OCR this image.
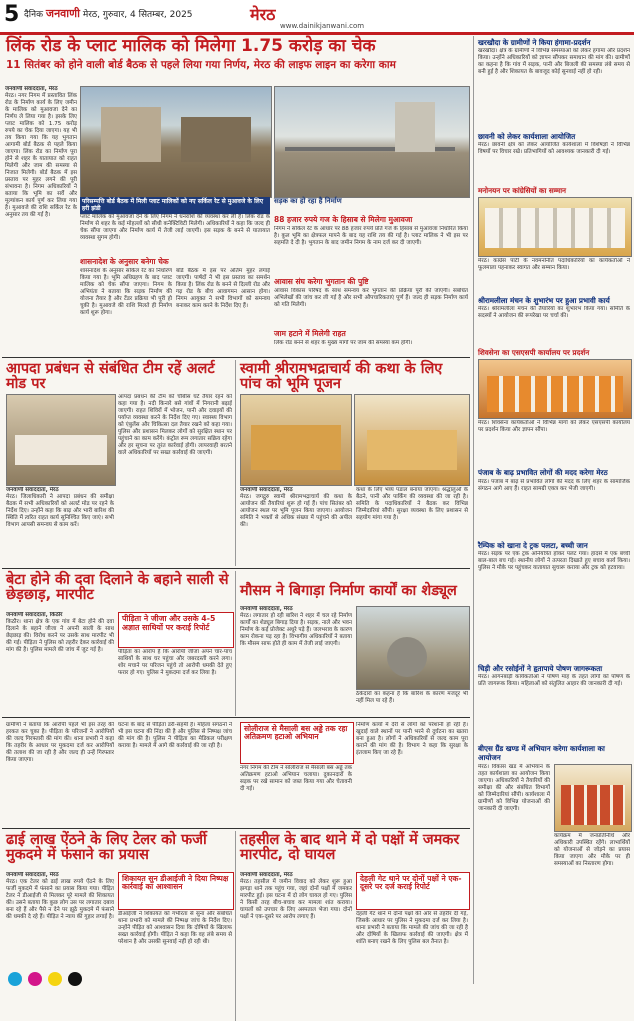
5 दैनिक जनवाणी मेरठ, गुरुवार, 4 सितम्बर, 2025	मेरठ
www.dainikjanwani.com
लिंक रोड के प्लाट मालिक को मिलेगा 1.75 करोड़ का चेक
11 सितंबर को होने वाली बोर्ड बैठक से पहले लिया गया निर्णय, मेरठ की लाइफ लाइन का करेगा काम
जनवाणी संवाददाता, मेरठ
मेरठ। नगर निगम में प्रस्तावित लिंक रोड के निर्माण कार्य के लिए जमीन के मालिक को मुआवजा देने का निर्णय ले लिया गया है। इसके लिए प्लाट मालिक को 1.75 करोड़ रुपये का चेक दिया जाएगा। यह भी तय किया गया कि यह भुगतान आगामी बोर्ड बैठक से पहले किया जाएगा। लिंक रोड का निर्माण पूरा होने से शहर के यातायात को राहत मिलेगी और जाम की समस्या से निजात मिलेगी। बोर्ड बैठक में इस प्रस्ताव पर मुहर लगने की पूरी संभावना है। निगम अधिकारियों ने बताया कि भूमि का सर्वे और मूल्यांकन कार्य पूर्ण कर लिया गया है। मुआवजे की राशि सर्किल रेट के अनुसार तय की गई है।
परिसम्पत्ति बोर्ड बैठक में मिली प्लाट मालिकों को नए सर्किल रेट से मुआवजे के लिए हरी झंडी
सड़क का हो रहा है निर्माण
प्लाट मालिक को मुआवजा देने के लिए निगम ने धनराशि की व्यवस्था कर ली है। लिंक रोड के निर्माण से शहर के कई मोहल्लों को सीधी कनेक्टिविटी मिलेगी। अधिकारियों ने कहा कि जल्द ही चेक सौंपा जाएगा और निर्माण कार्य में तेजी लाई जाएगी। इस सड़क के बनने से यातायात व्यवस्था सुगम होगी।
शासनादेश के अनुसार बनेगा चेक
शासनादेश के अनुसार सर्किल रेट का निर्धारण किया गया है। भूमि अधिग्रहण के बाद प्लाट मालिक को चेक सौंपा जाएगा। निगम के अभियंता ने बताया कि सड़क निर्माण की योजना तैयार है और टेंडर प्रक्रिया भी पूरी हो चुकी है। मुआवजे की राशि मिलते ही निर्माण कार्य शुरू होगा।
बोर्ड बैठक में इस पर अंतिम मुहर लगाई जाएगी। पार्षदों ने भी इस प्रस्ताव का समर्थन किया है। लिंक रोड के बनने से दिल्ली रोड और गढ़ रोड के बीच आवागमन आसान होगा। निगम आयुक्त ने सभी विभागों को समन्वय बनाकर काम करने के निर्देश दिए हैं।
88 हजार रुपये गज के हिसाब से मिलेगा मुआवजा
निगम ने सर्किल रेट के आधार पर 88 हजार रुपये प्रति गज के हिसाब से मुआवजा निर्धारित किया है। कुल भूमि का क्षेत्रफल मापने के बाद यह राशि तय की गई है। प्लाट मालिक ने भी इस पर सहमति दे दी है। भुगतान के बाद जमीन निगम के नाम दर्ज कर दी जाएगी।
आवास संघ करेगा भुगतान की पुष्टि
आवास विकास परिषद के साथ समन्वय कर भुगतान की प्रक्रिया पूरी की जाएगी। संबंधित अभिलेखों की जांच कर ली गई है और सभी औपचारिकताएं पूर्ण हैं। जल्द ही सड़क निर्माण कार्य को गति मिलेगी।
जाम हटाने में मिलेगी राहत
लिंक रोड बनने से शहर के मुख्य मार्गों पर जाम की समस्या कम होगी।
आपदा प्रबंधन से संबंधित टीम रहें अलर्ट मोड पर
जनवाणी संवाददाता, मेरठ
मेरठ। जिलाधिकारी ने आपदा प्रबंधन की समीक्षा बैठक में सभी अधिकारियों को अलर्ट मोड पर रहने के निर्देश दिए। उन्होंने कहा कि बाढ़ और भारी बारिश की स्थिति में त्वरित राहत कार्य सुनिश्चित किए जाएं। सभी विभाग आपसी समन्वय से काम करें।
आपदा प्रबंधन की टीम को चौबीस घंटे तैयार रहने को कहा गया है। नदी किनारे बसे गांवों में निगरानी बढ़ाई जाएगी। राहत शिविरों में भोजन, पानी और दवाइयों की पर्याप्त व्यवस्था करने के निर्देश दिए गए। स्वास्थ्य विभाग को एंबुलेंस और चिकित्सा दल तैयार रखने को कहा गया। पुलिस और प्रशासन मिलकर लोगों को सुरक्षित स्थान पर पहुंचाने का काम करेंगे। कंट्रोल रूम लगातार सक्रिय रहेगा और हर सूचना पर तुरंत कार्रवाई होगी। लापरवाही बरतने वाले अधिकारियों पर सख्त कार्रवाई की जाएगी।
स्वामी श्रीरामभद्राचार्य की कथा के लिए पांच को भूमि पूजन
जनवाणी संवाददाता, मेरठ
मेरठ। जगद्गुरु स्वामी श्रीरामभद्राचार्य की कथा के आयोजन की तैयारियां शुरू हो गई हैं। पांच सितंबर को आयोजन स्थल पर भूमि पूजन किया जाएगा। आयोजन समिति ने भक्तों से अधिक संख्या में पहुंचने की अपील की।
कथा के लिए भव्य पंडाल बनाया जाएगा। श्रद्धालुओं के बैठने, पानी और पार्किंग की व्यवस्था की जा रही है। समिति के पदाधिकारियों ने बैठक कर विभिन्न जिम्मेदारियां सौंपी। सुरक्षा व्यवस्था के लिए प्रशासन से सहयोग मांगा गया है।
बेटा होने की दवा दिलाने के बहाने साली से छेड़छाड़, मारपीट
जनवाणी संवाददाता, किठौर
किठौर। थाना क्षेत्र के एक गांव में बेटा होने की दवा दिलाने के बहाने जीजा ने अपनी साली के साथ छेड़छाड़ की। विरोध करने पर उसके साथ मारपीट भी की गई। पीड़िता ने पुलिस को तहरीर देकर कार्रवाई की मांग की है। पुलिस मामले की जांच में जुट गई है।
पीड़िता ने जीजा और उसके 4-5 अज्ञात साथियों पर कराई रिपोर्ट
पीड़िता का आरोप है कि आरोपी जीजा अपने चार-पांच साथियों के साथ घर पहुंचा और जबरदस्ती करने लगा। शोर मचाने पर परिजन पहुंचे तो आरोपी धमकी देते हुए फरार हो गए। पुलिस ने मुकदमा दर्ज कर लिया है।
मौसम ने बिगाड़ा निर्माण कार्यों का शेड्यूल
जनवाणी संवाददाता, मेरठ
मेरठ। लगातार हो रही बारिश ने शहर में चल रहे निर्माण कार्यों का शेड्यूल बिगाड़ दिया है। सड़क, नाले और भवन निर्माण के कई प्रोजेक्ट अधूरे पड़े हैं। जलभराव के कारण काम रोकना पड़ रहा है। विभागीय अधिकारियों ने बताया कि मौसम साफ होते ही काम में तेजी लाई जाएगी।
ठेकेदारों का कहना है कि बारिश के कारण मजदूर भी नहीं मिल पा रहे हैं।
ग्रामीणों ने बताया कि आरोपी पहले भी इस तरह की हरकत कर चुका है। पीड़िता के परिजनों ने आरोपियों की जल्द गिरफ्तारी की मांग की। थाना प्रभारी ने कहा कि तहरीर के आधार पर मुकदमा दर्ज कर आरोपियों की तलाश की जा रही है और जल्द ही उन्हें गिरफ्तार किया जाएगा।
घटना के बाद से पीड़िता डरी-सहमी है। महिला संगठनों ने भी इस घटना की निंदा की है और पुलिस से निष्पक्ष जांच की मांग की है। पुलिस ने पीड़िता का मेडिकल परीक्षण कराया है। मामले में आगे की कार्रवाई की जा रही है।
सोलीराज से मैसाली बस अड्डे तक रहा अतिक्रमण हटाओ अभियान
नगर निगम की टीम ने सोलीराज से मैसाली बस अड्डे तक अतिक्रमण हटाओ अभियान चलाया। दुकानदारों के सड़क पर रखे सामान को जब्त किया गया और चेतावनी दी गई।
निर्माण कार्यों में देरी से लोगों को परेशानी हो रही है। खुदाई वाले स्थानों पर पानी भरने से दुर्घटना का खतरा बना हुआ है। लोगों ने अधिकारियों से जल्द काम पूरा कराने की मांग की है। विभाग ने कहा कि सुरक्षा के इंतजाम किए जा रहे हैं।
ढाई लाख ऐंठने के लिए टेलर को फर्जी मुकदमे में फंसाने का प्रयास
जनवाणी संवाददाता, मेरठ
मेरठ। एक टेलर को ढाई लाख रुपये ऐंठने के लिए फर्जी मुकदमे में फंसाने का प्रयास किया गया। पीड़ित टेलर ने डीआईजी से मिलकर पूरे मामले की शिकायत की। उसने बताया कि कुछ लोग उस पर लगातार दबाव बना रहे हैं और पैसे न देने पर झूठे मुकदमे में फंसाने की धमकी दे रहे हैं। पीड़ित ने न्याय की गुहार लगाई है।
शिकायत सुन डीआईजी ने दिया निष्पक्ष कार्रवाई का आश्वासन
डीआईजी ने शिकायत को गंभीरता से सुना और संबंधित थाना प्रभारी को मामले की निष्पक्ष जांच के निर्देश दिए। उन्होंने पीड़ित को आश्वासन दिया कि दोषियों के खिलाफ सख्त कार्रवाई होगी। पीड़ित ने कहा कि वह लंबे समय से परेशान है और उसकी सुनवाई नहीं हो रही थी।
तहसील के बाद थाने में दो पक्षों में जमकर मारपीट, दो घायल
जनवाणी संवाददाता, मेरठ
मेरठ। तहसील में जमीन विवाद को लेकर शुरू हुआ झगड़ा थाने तक पहुंच गया, जहां दोनों पक्षों में जमकर मारपीट हुई। इस घटना में दो लोग घायल हो गए। पुलिस ने किसी तरह बीच-बचाव कर मामला शांत कराया। घायलों को उपचार के लिए अस्पताल भेजा गया। दोनों पक्षों ने एक-दूसरे पर आरोप लगाए हैं।
देहली गेट थाने पर दोनों पक्षों ने एक-दूसरे पर दर्ज कराई रिपोर्ट
देहली गेट थाने में दोनों पक्षों की ओर से तहरीर दी गई, जिसके आधार पर पुलिस ने मुकदमा दर्ज कर लिया है। थाना प्रभारी ने बताया कि मामले की जांच की जा रही है और दोषियों के खिलाफ कार्रवाई की जाएगी। क्षेत्र में शांति बनाए रखने के लिए पुलिस बल तैनात है।
खरखौदा के ग्रामीणों ने किया हंगामा-प्रदर्शन
खरखौदा। क्षेत्र के ग्रामीणों ने विभिन्न समस्याओं को लेकर हंगामा और प्रदर्शन किया। उन्होंने अधिकारियों को ज्ञापन सौंपकर समाधान की मांग की। ग्रामीणों का कहना है कि गांव में सड़क, पानी और बिजली की समस्या लंबे समय से बनी हुई है और शिकायत के बावजूद कोई सुनवाई नहीं हो रही।
छावनी को लेकर कार्यशाला आयोजित
मेरठ। छावनी क्षेत्र को लेकर आयोजित कार्यशाला में विशेषज्ञों ने विभिन्न विषयों पर विचार रखे। प्रतिभागियों को आवश्यक जानकारी दी गई।
मनोनयन पर कांग्रेसियों का सम्मान
मेरठ। कांग्रेस पार्टी के नवमनोनीत पदाधिकारियों का कार्यकर्ताओं ने फूलमाला पहनाकर स्वागत और सम्मान किया।
श्रीरामलीला मंचन के शुभारंभ पर हुआ प्रभावी कार्य
मेरठ। श्रीरामलीला मंचन की तैयारियों का शुभारंभ किया गया। समिति के सदस्यों ने आयोजन की रूपरेखा पर चर्चा की।
शिवसेना का एसएसपी कार्यालय पर प्रदर्शन
मेरठ। शिवसेना कार्यकर्ताओं ने विभिन्न मांगों को लेकर एसएसपी कार्यालय पर प्रदर्शन किया और ज्ञापन सौंपा।
पंजाब के बाढ़ प्रभावित लोगों की मदद करेगा मेरठ
मेरठ। पंजाब में बाढ़ से प्रभावित लोगों की मदद के लिए शहर के सामाजिक संगठन आगे आए हैं। राहत सामग्री एकत्र कर भेजी जाएगी।
रैम्पिक को खाना दे ट्रक पलटा, बच्ची जान
मेरठ। सड़क पर एक ट्रक अनियंत्रित होकर पलट गया। हादसे में एक बच्ची बाल-बाल बच गई। स्थानीय लोगों ने तत्परता दिखाते हुए बचाव कार्य किया। पुलिस ने मौके पर पहुंचकर यातायात सुचारू कराया और ट्रक को हटवाया।
चिड़ी और रसोईनों ने हृतापाये पोषण जागरूकता
मेरठ। आंगनबाड़ी कार्यकर्ताओं ने पोषण माह के तहत लोगों को पोषण के प्रति जागरूक किया। महिलाओं को संतुलित आहार की जानकारी दी गई।
बीएस ग्रैंड खण्ड में अभियान करेगा कार्यशाला का आयोजन
मेरठ। विकास खंड में अभियान के तहत कार्यशाला का आयोजन किया जाएगा। अधिकारियों ने तैयारियों की समीक्षा की और संबंधित विभागों को जिम्मेदारियां सौंपी। कार्यशाला में ग्रामीणों को विभिन्न योजनाओं की जानकारी दी जाएगी।
कार्यक्रम में जनप्रतिनिधि और अधिकारी उपस्थित रहेंगे। लाभार्थियों को योजनाओं से जोड़ने का प्रयास किया जाएगा और मौके पर ही समस्याओं का निस्तारण होगा।
